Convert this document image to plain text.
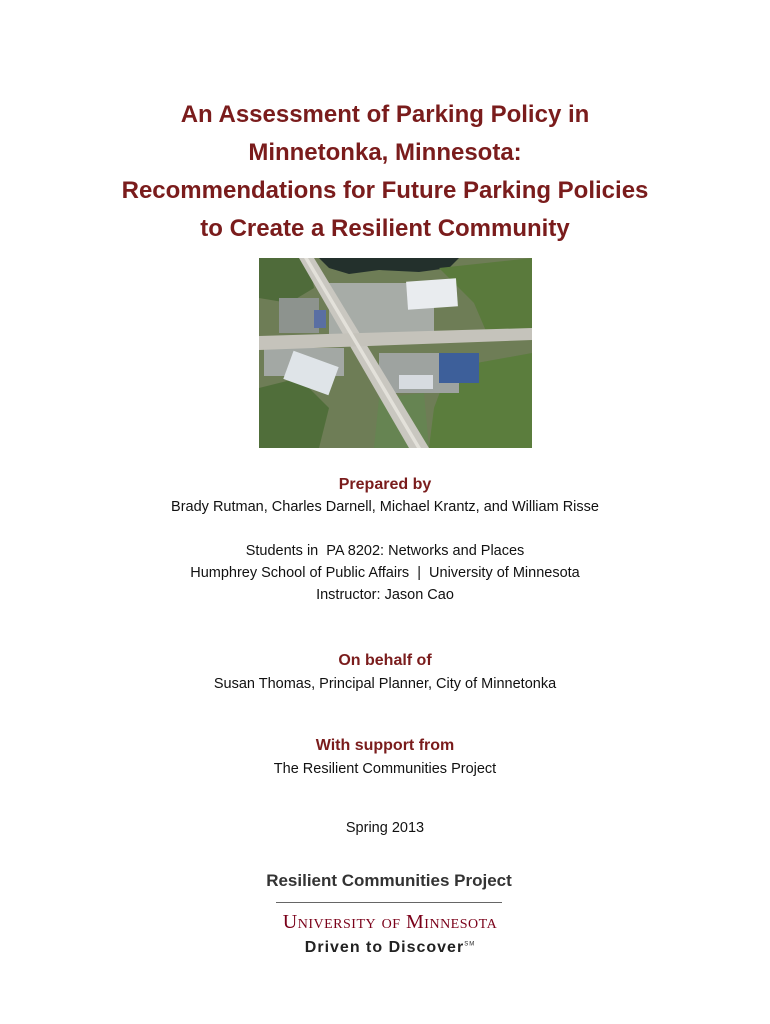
An Assessment of Parking Policy in
Minnetonka, Minnesota:
Recommendations for Future Parking Policies
to Create a Resilient Community
Prepared by
Brady Rutman, Charles Darnell, Michael Krantz, and William Risse
Students in  PA 8202: Networks and Places
Humphrey School of Public Affairs  |  University of Minnesota
Instructor: Jason Cao
On behalf of
Susan Thomas, Principal Planner, City of Minnetonka
With support from
The Resilient Communities Project
Spring 2013
Resilient Communities Project
University of Minnesota
Driven to Discover℠
